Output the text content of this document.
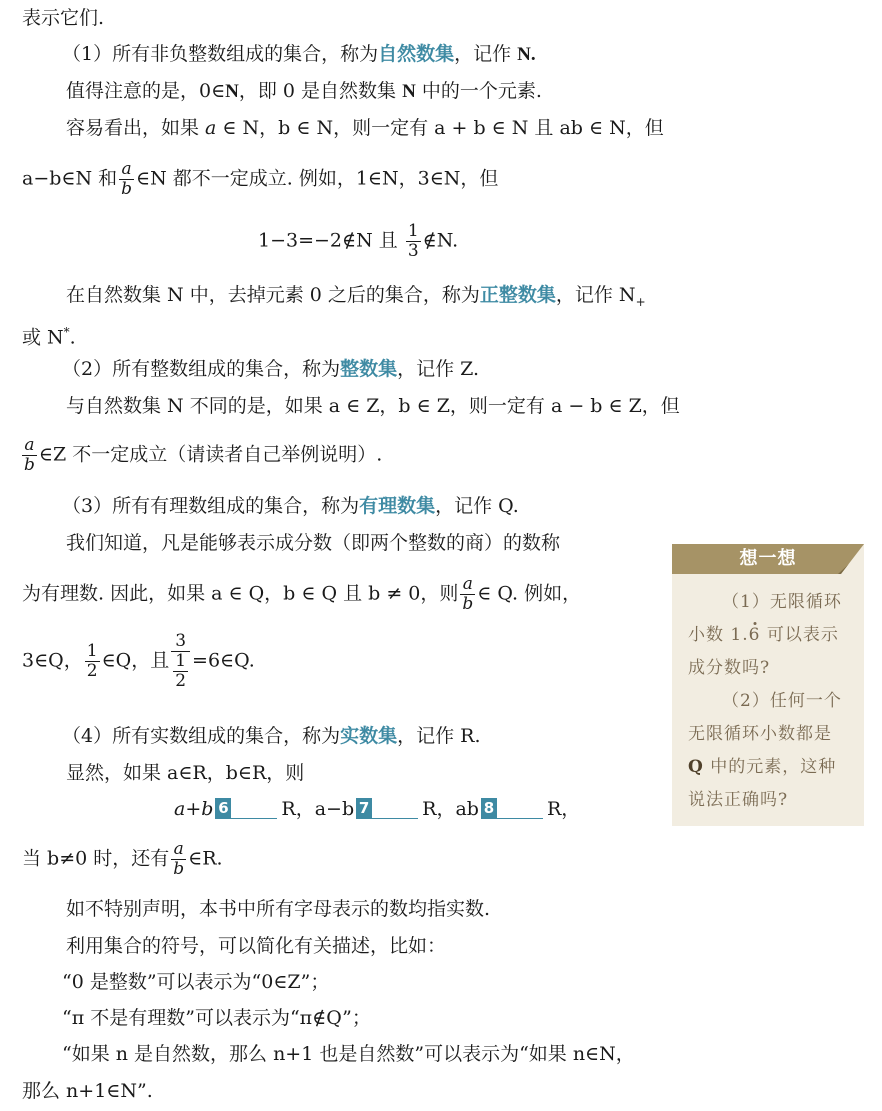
表示它们.
（1）所有非负整数组成的集合，称为自然数集，记作 N.
值得注意的是，0∈N，即 0 是自然数集 N 中的一个元素.
容易看出，如果 a ∈ N，b ∈ N，则一定有 a + b ∈ N 且 ab ∈ N，但
a−b∈N 和 $\frac{a}{b}$ ∈N 都不一定成立. 例如，1∈N，3∈N，但
1−3=−2∉N 且 $\frac{1}{3}$ ∉N.
在自然数集 N 中，去掉元素 0 之后的集合，称为正整数集，记作 $N_+$
或 N*.
（2）所有整数组成的集合，称为整数集，记作 Z.
与自然数集 N 不同的是，如果 a ∈ Z，b ∈ Z，则一定有 a − b ∈ Z，但
$\frac{a}{b}$ ∈Z 不一定成立（请读者自己举例说明）.
（3）所有有理数组成的集合，称为有理数集，记作 Q.
我们知道，凡是能够表示成分数（即两个整数的商）的数称
为有理数. 因此，如果 a ∈ Q，b ∈ Q 且 b ≠ 0，则 $\frac{a}{b}$ ∈ Q. 例如，
3∈Q， $\frac{1}{2}$ ∈Q，且 $\frac{3}{\frac{1}{2}}$ =6∈Q.
（4）所有实数组成的集合，称为实数集，记作 R.
显然，如果 a∈R，b∈R，则
a+b 6	R，a−b 7	R，ab 8	R，
当 b≠0 时，还有 $\frac{a}{b}$ ∈R.
如不特别声明，本书中所有字母表示的数均指实数.
利用集合的符号，可以简化有关描述，比如：
“0 是整数”可以表示为“0∈Z”；
“π 不是有理数”可以表示为“π∉Q”；
“如果 n 是自然数，那么 n+1 也是自然数”可以表示为“如果 n∈N，
那么 n+1∈N”.
想一想

（1）无限循环

小数 1.6 可以表示

成分数吗?

（2）任何一个

无限循环小数都是

Q 中的元素，这种

说法正确吗?
